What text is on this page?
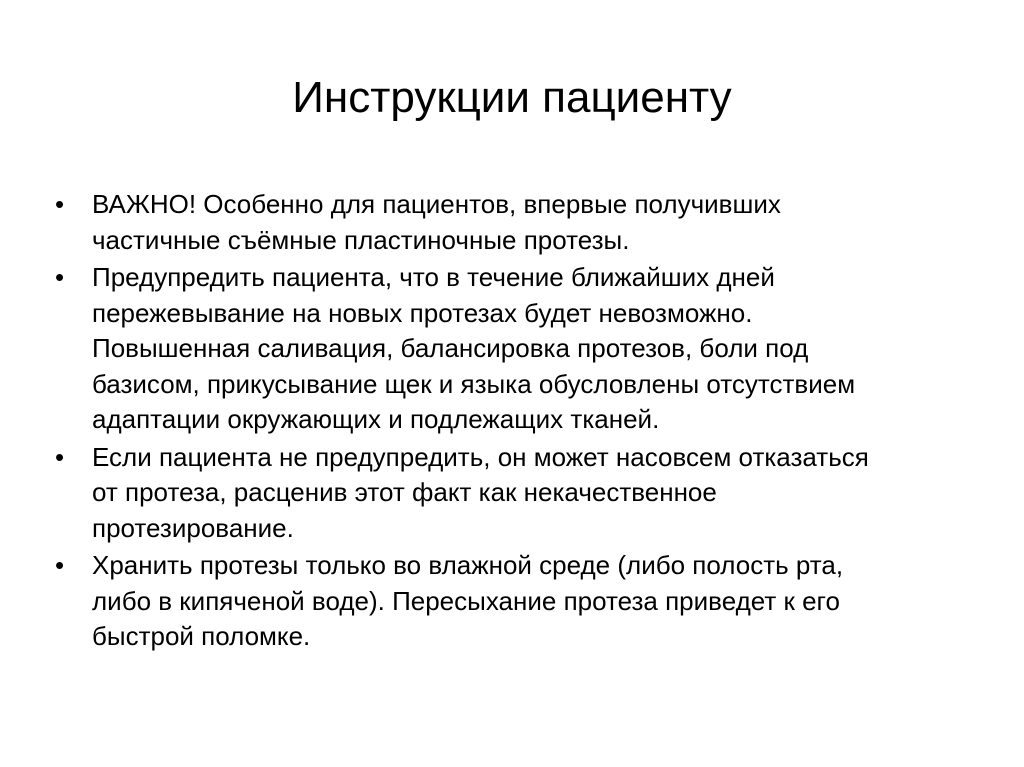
Инструкции пациенту
• ВАЖНО! Особенно для пациентов, впервые получивших
частичные съёмные пластиночные протезы.
• Предупредить пациента, что в течение ближайших дней
пережевывание на новых протезах будет невозможно.
Повышенная саливация, балансировка протезов, боли под
базисом, прикусывание щек и языка обусловлены отсутствием
адаптации окружающих и подлежащих тканей.
• Если пациента не предупредить, он может насовсем отказаться
от протеза, расценив этот факт как некачественное
протезирование.
• Хранить протезы только во влажной среде (либо полость рта,
либо в кипяченой воде). Пересыхание протеза приведет к его
быстрой поломке.
